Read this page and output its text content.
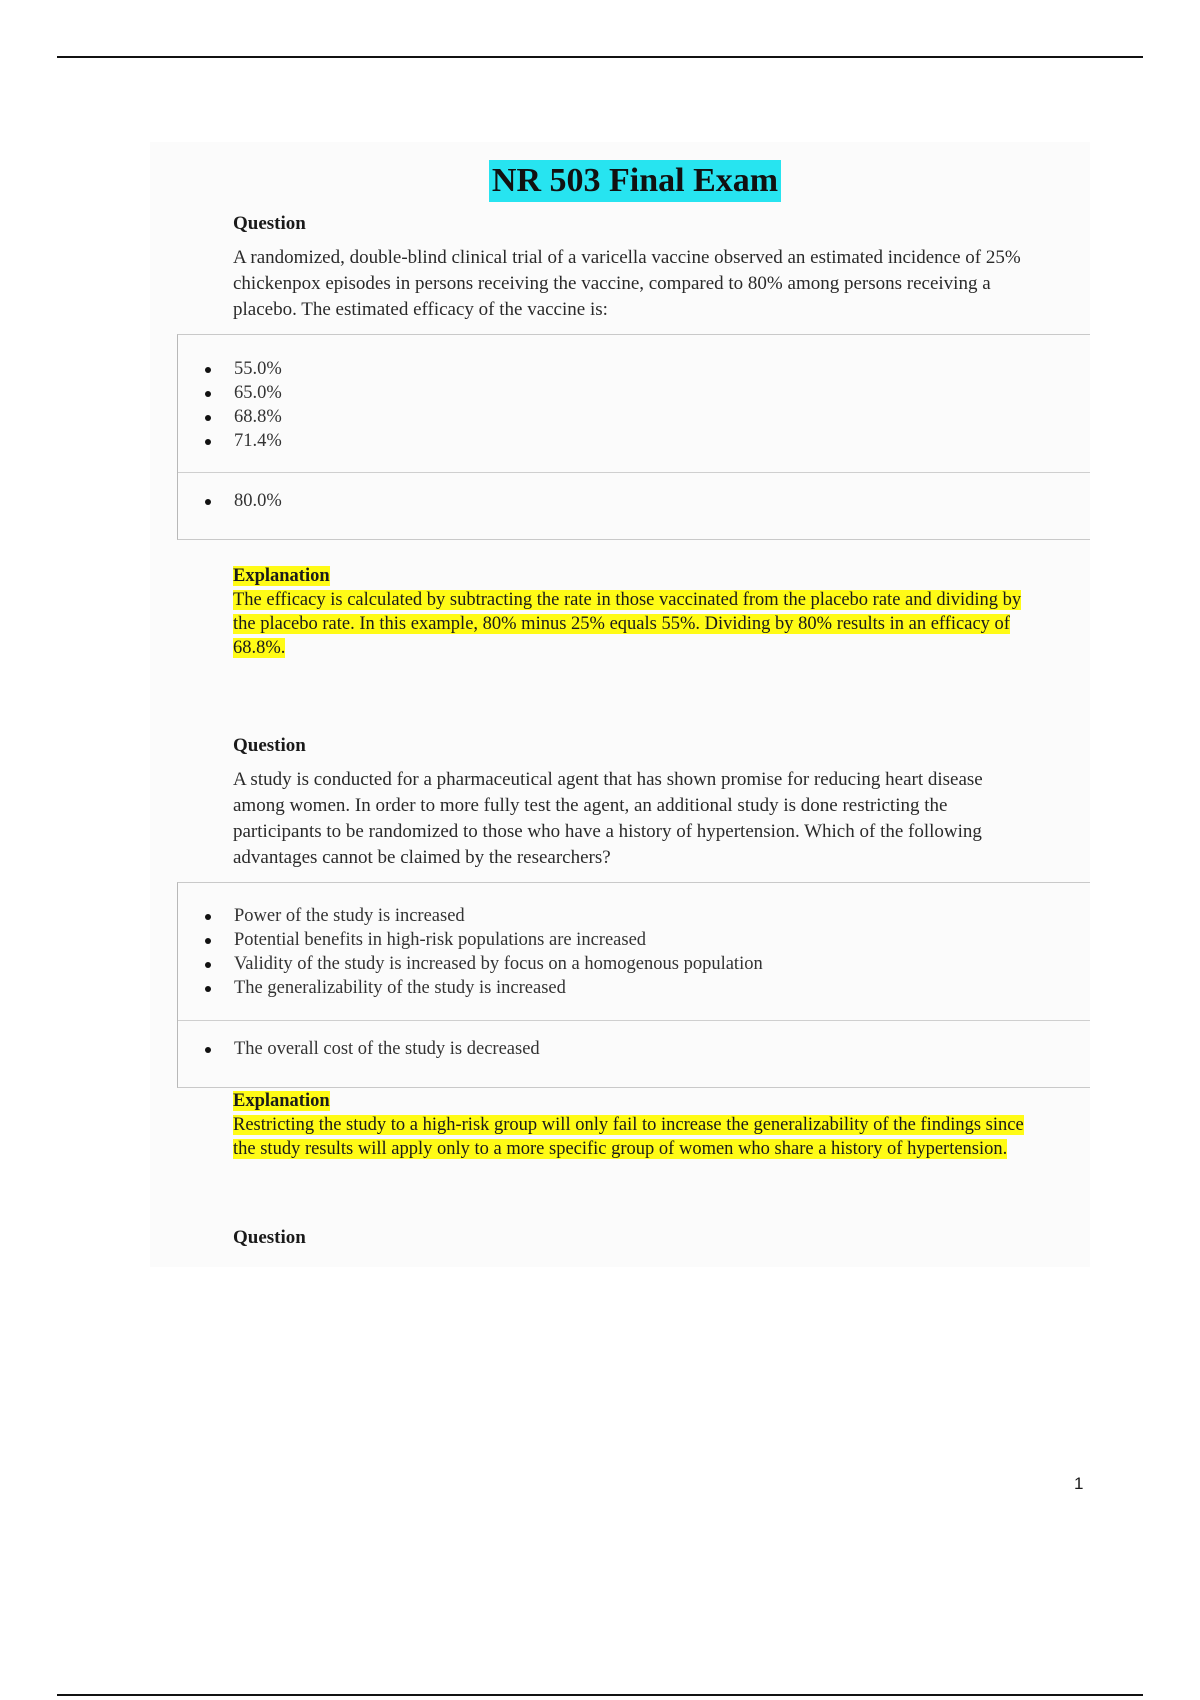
NR 503 Final Exam
Question
A randomized, double-blind clinical trial of a varicella vaccine observed an estimated incidence of 25% chickenpox episodes in persons receiving the vaccine, compared to 80% among persons receiving a placebo. The estimated efficacy of the vaccine is:
55.0%
65.0%
68.8%
71.4%
80.0%
Explanation
The efficacy is calculated by subtracting the rate in those vaccinated from the placebo rate and dividing by the placebo rate. In this example, 80% minus 25% equals 55%. Dividing by 80% results in an efficacy of 68.8%.
Question
A study is conducted for a pharmaceutical agent that has shown promise for reducing heart disease among women. In order to more fully test the agent, an additional study is done restricting the participants to be randomized to those who have a history of hypertension. Which of the following advantages cannot be claimed by the researchers?
Power of the study is increased
Potential benefits in high-risk populations are increased
Validity of the study is increased by focus on a homogenous population
The generalizability of the study is increased
The overall cost of the study is decreased
Explanation
Restricting the study to a high-risk group will only fail to increase the generalizability of the findings since the study results will apply only to a more specific group of women who share a history of hypertension.
Question
1
